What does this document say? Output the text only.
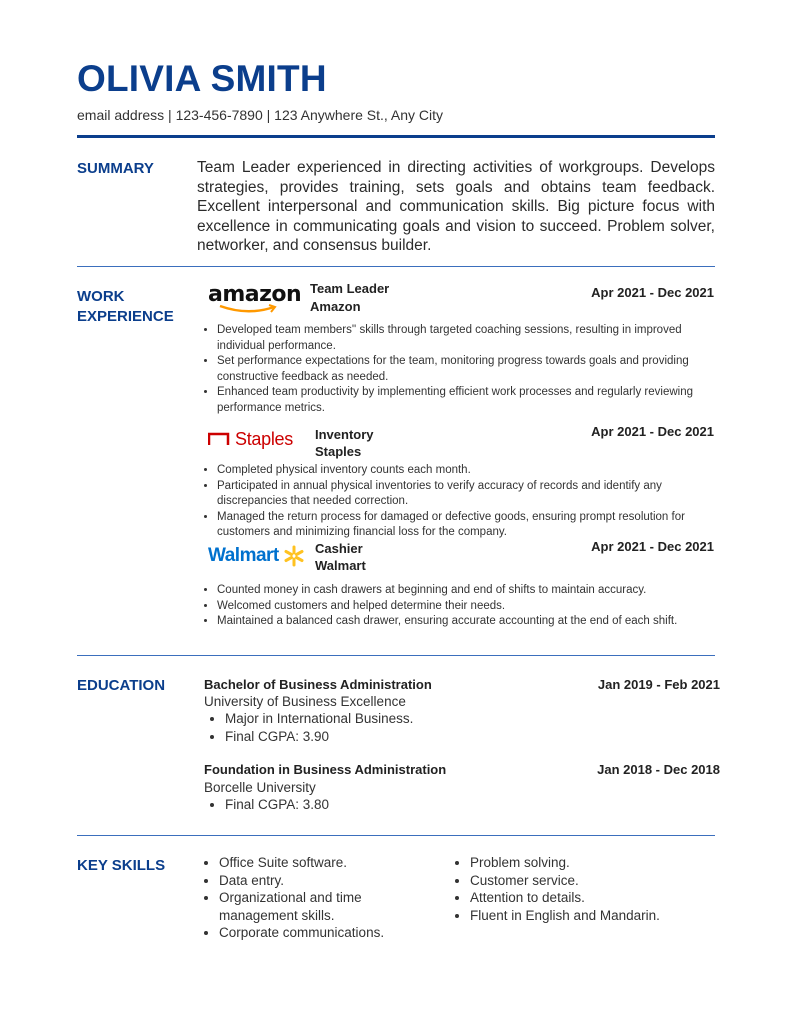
OLIVIA SMITH
email address | 123-456-7890 | 123 Anywhere St., Any City
SUMMARY	Team Leader experienced in directing activities of workgroups. Develops strategies, provides training, sets goals and obtains team feedback. Excellent interpersonal and communication skills. Big picture focus with excellence in communicating goals and vision to succeed. Problem solver, networker, and consensus builder.
WORK
EXPERIENCE
amazon Team Leader
Amazon
Apr 2021 - Dec 2021
• Developed team members'' skills through targeted coaching sessions, resulting in improved individual performance.
• Set performance expectations for the team, monitoring progress towards goals and providing constructive feedback as needed.
• Enhanced team productivity by implementing efficient work processes and regularly reviewing performance metrics.
Staples Inventory
Staples
Apr 2021 - Dec 2021
• Completed physical inventory counts each month.
• Participated in annual physical inventories to verify accuracy of records and identify any discrepancies that needed correction.
• Managed the return process for damaged or defective goods, ensuring prompt resolution for customers and minimizing financial loss for the company.
Walmart	Cashier
Walmart
Apr 2021 - Dec 2021
• Counted money in cash drawers at beginning and end of shifts to maintain accuracy.
• Welcomed customers and helped determine their needs.
• Maintained a balanced cash drawer, ensuring accurate accounting at the end of each shift.
EDUCATION	Bachelor of Business Administration
University of Business Excellence
Jan 2019 - Feb 2021
• Major in International Business.
• Final CGPA: 3.90
Foundation in Business Administration
Borcelle University
Jan 2018 - Dec 2018
• Final CGPA: 3.80
KEY SKILLS
•	Office Suite software.
• Data entry.
• Organizational and time management skills.
• Corporate communications.
• Problem solving.
• Customer service.
• Attention to details.
• Fluent in English and Mandarin.
